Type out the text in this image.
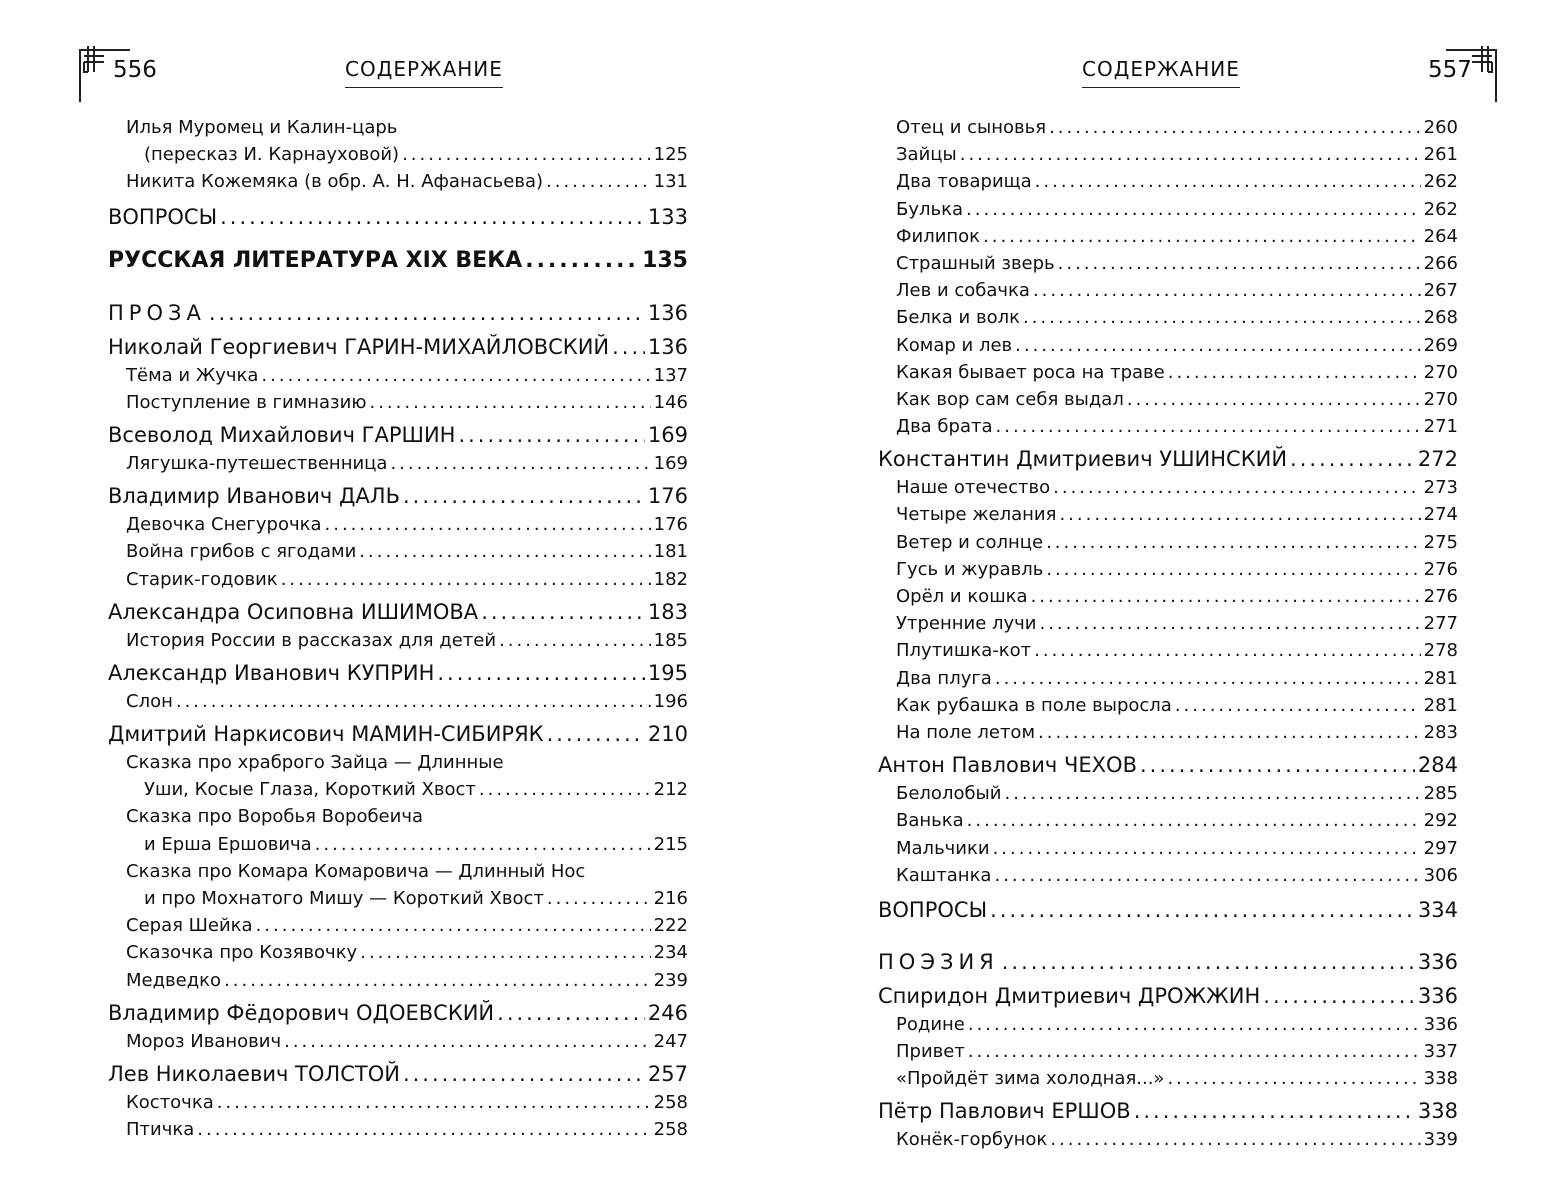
556	СОДЕРЖАНИЕ	557
СОДЕРЖАНИЕ
Илья Муромец и Калин-царь
(пересказ И. Карнауховой) .....	125
Никита Кожемяка (в обр. А. Н. Афанасьева) .....	131
ВОПРОСЫ .....	133
РУССКАЯ ЛИТЕРАТУРА XIX ВЕКА .....	135
ПРОЗА .....	136
Николай Георгиевич ГАРИН-МИХАЙЛОВСКИЙ ..... 136
Тёма и Жучка .....	137
Поступление в гимназию .....	146
Всеволод Михайлович ГАРШИН .....	169
Лягушка-путешественница .....	169
Владимир Иванович ДАЛЬ .....	176
Девочка Снегурочка .....	176
Война грибов с ягодами .....	181
Старик-годовик .....	182
Александра Осиповна ИШИМОВА .....	183
История России в рассказах для детей .....	185
Александр Иванович КУПРИН .....	195
Слон .....	196
Дмитрий Наркисович МАМИН-СИБИРЯК .....	210
Сказка про храброго Зайца — Длинные
Уши, Косые Глаза, Короткий Хвост .....	212
Сказка про Воробья Воробеича
и Ерша Ершовича .....	215
Сказка про Комара Комаровича — Длинный Нос
и про Мохнатого Мишу — Короткий Хвост .....	216
Серая Шейка .....	222
Сказочка про Козявочку .....	234
Медведко .....	239
Владимир Фёдорович ОДОЕВСКИЙ .....	246
Мороз Иванович .....	247
Лев Николаевич ТОЛСТОЙ .....	257
Косточка .....	258
Птичка .....	258
Отец и сыновья .....	260
Зайцы .....	261
Два товарища .....	262
Булька .....	262
Филипок .....	264
Страшный зверь .....	266
Лев и собачка .....	267
Белка и волк .....	268
Комар и лев .....	269
Какая бывает роса на траве .....	270
Как вор сам себя выдал .....	270
Два брата .....	271
Константин Дмитриевич УШИНСКИЙ .....	272
Наше отечество .....	273
Четыре желания .....	274
Ветер и солнце .....	275
Гусь и журавль .....	276
Орёл и кошка .....	276
Утренние лучи .....	277
Плутишка-кот .....	278
Два плуга .....	281
Как рубашка в поле выросла .....	281
На поле летом .....	283
Антон Павлович ЧЕХОВ .....	284
Белолобый .....	285
Ванька .....	292
Мальчики .....	297
Каштанка .....	306
ВОПРОСЫ .....	334
ПОЭЗИЯ .....	336
Спиридон Дмитриевич ДРОЖЖИН .....	336
Родине .....	336
Привет .....	337
«Пройдёт зима холодная...» .....	338
Пётр Павлович ЕРШОВ .....	338
Конёк-горбунок .....	339
